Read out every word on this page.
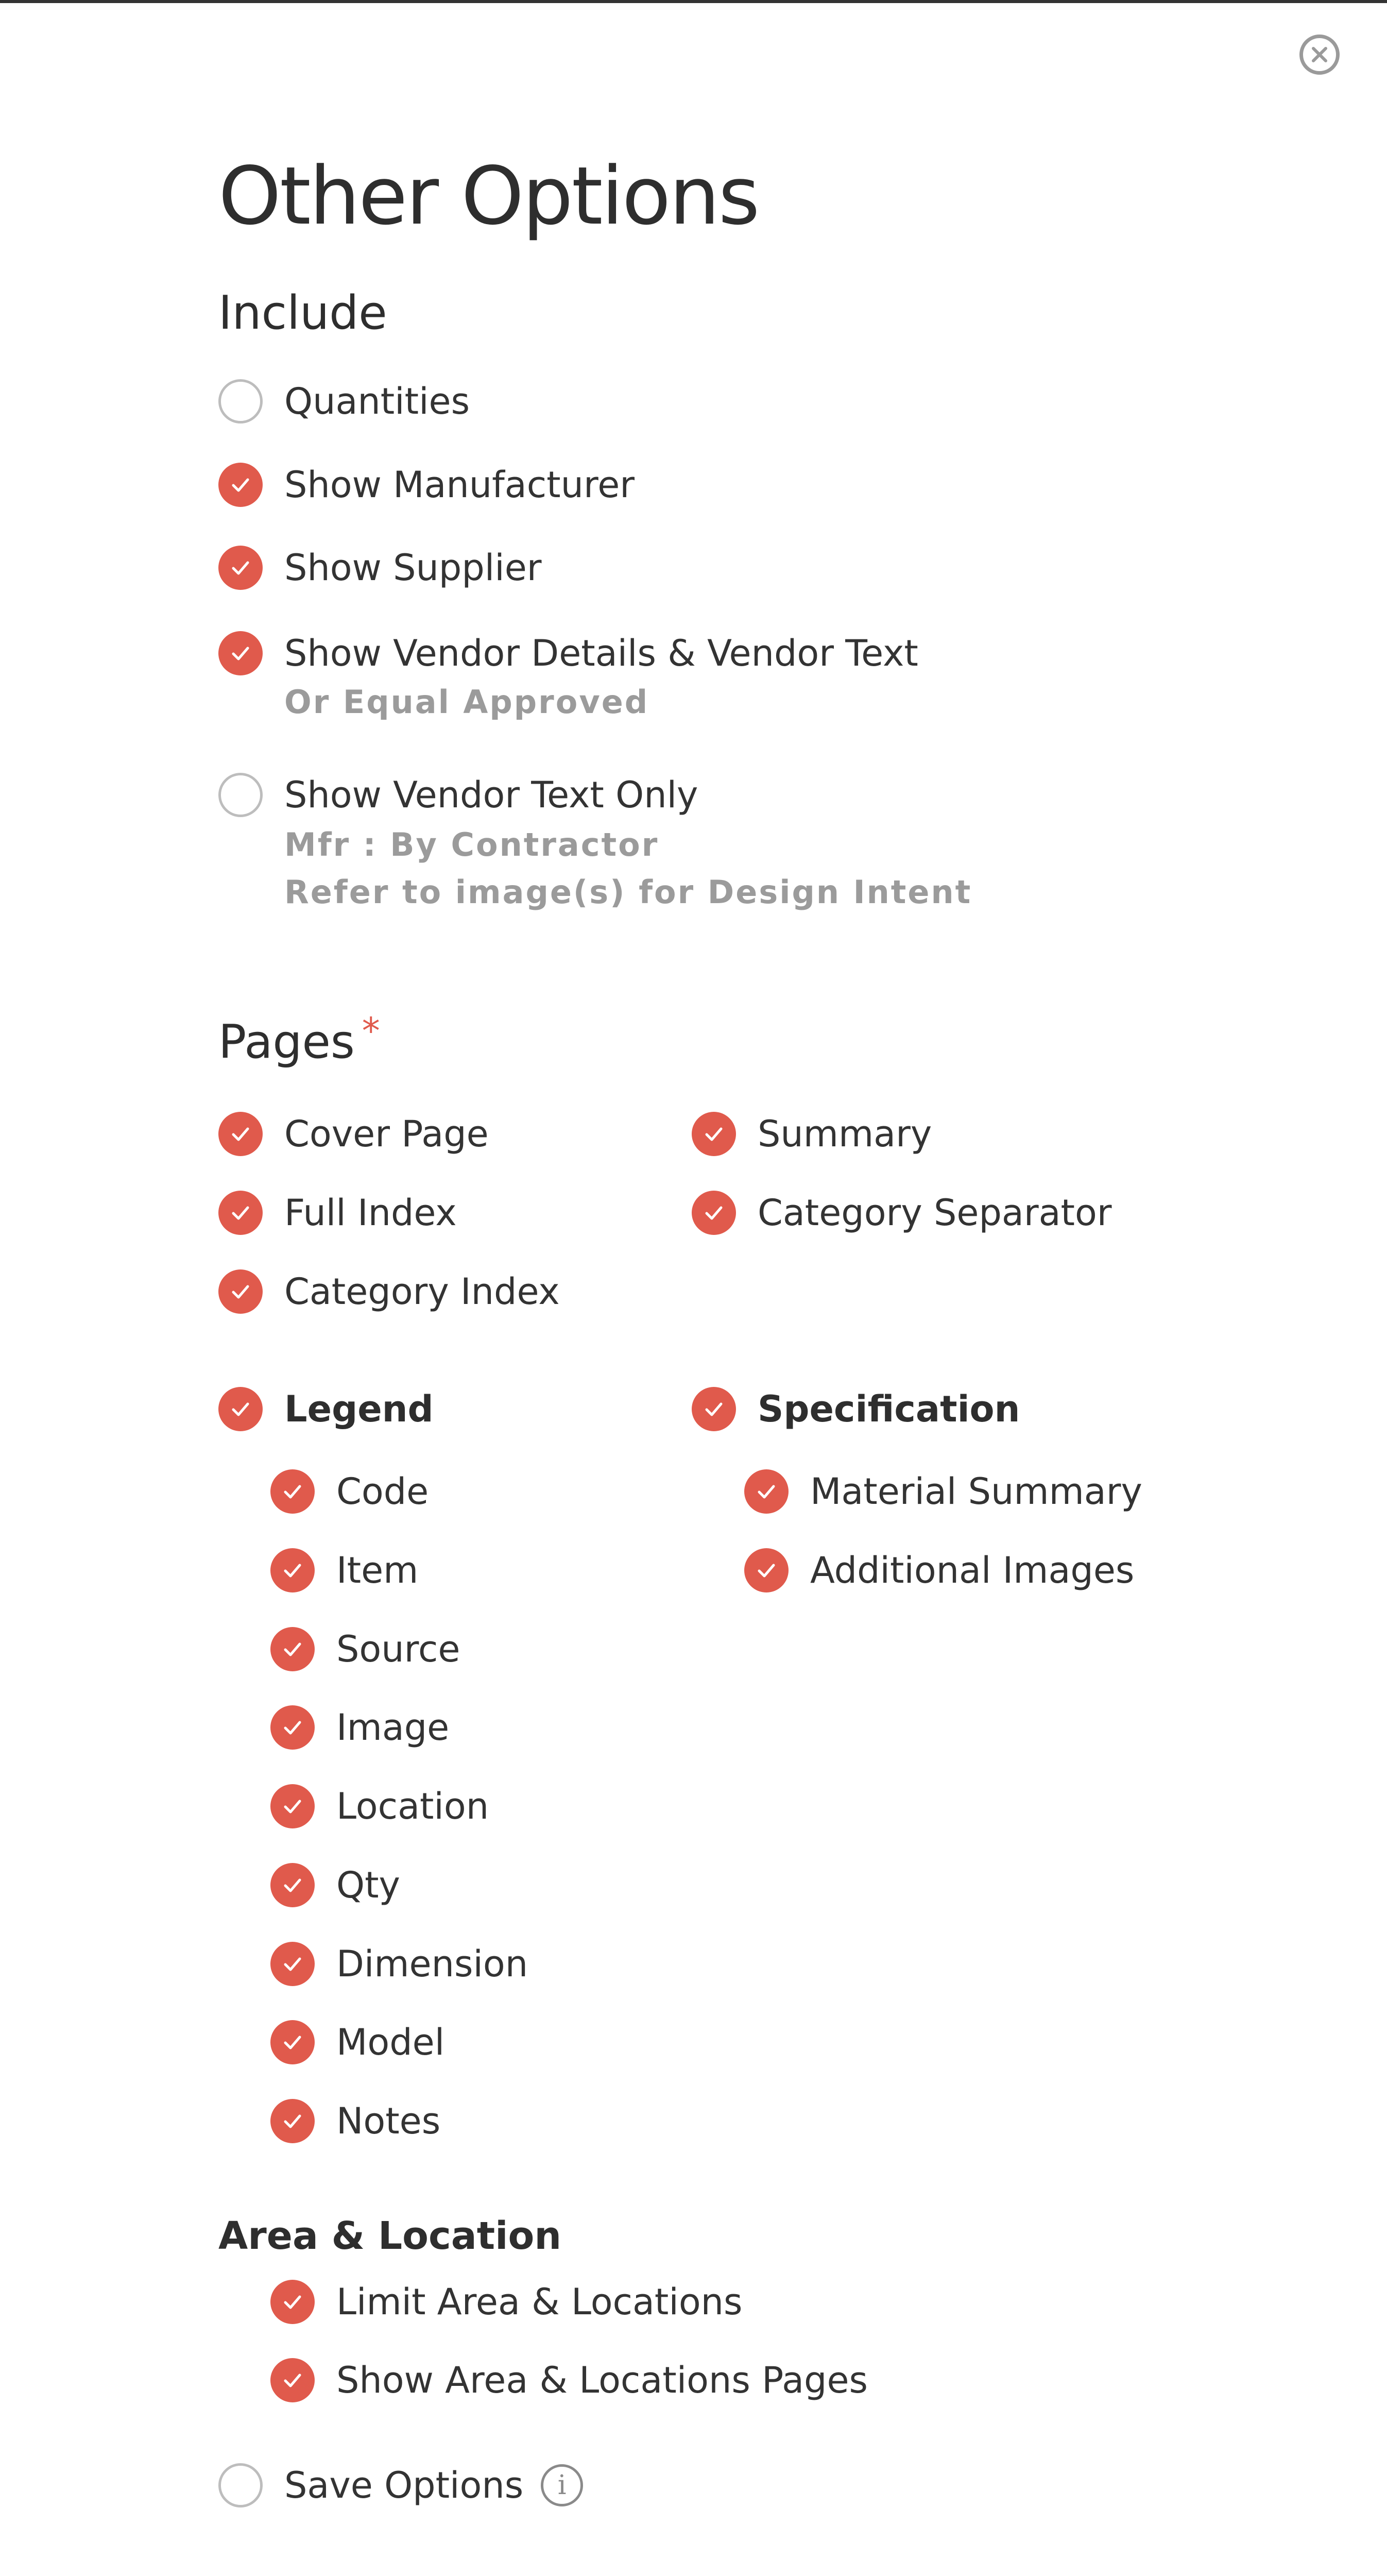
Other Options
Include
Quantities
Show Manufacturer
Show Supplier
Show Vendor Details & Vendor Text
Or Equal Approved
Show Vendor Text Only
Mfr : By Contractor
Refer to image(s) for Design Intent
Pages *
Cover Page	Summary
Full Index	Category Separator
Category Index
Legend	Specification
Code
Item
Source
Image
Location
Qty
Dimension
Model
Notes
Material Summary
Additional Images
Area & Location
Limit Area & Locations
Show Area & Locations Pages
Save Options	i
